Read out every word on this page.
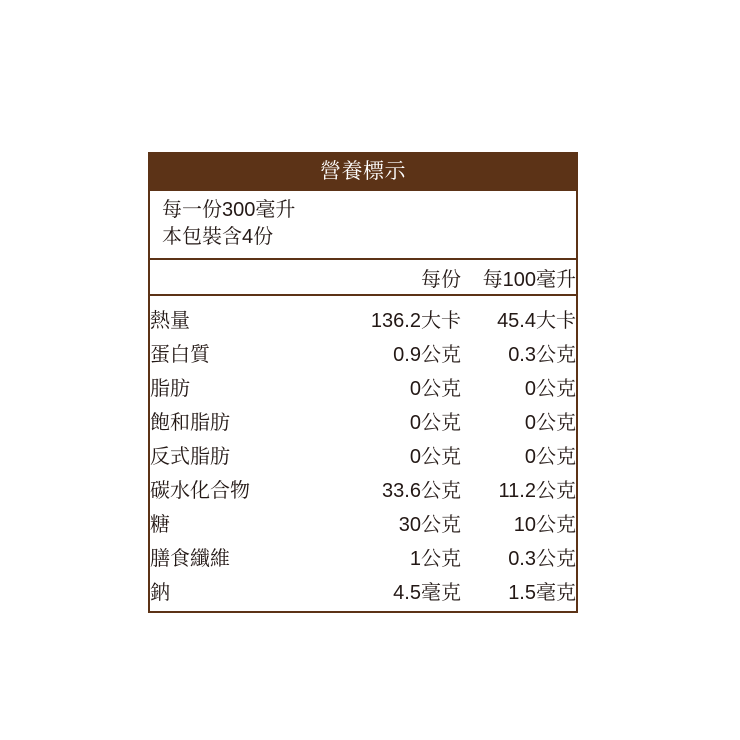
營養標示
每一份300毫升
本包裝含4份
	每份	每100毫升
熱量	136.2大卡	45.4大卡
蛋白質	0.9公克	0.3公克
脂肪	0公克	0公克
飽和脂肪	0公克	0公克
反式脂肪	0公克	0公克
碳水化合物	33.6公克	11.2公克
糖	30公克	10公克
膳食纖維	1公克	0.3公克
鈉	4.5毫克	1.5毫克
